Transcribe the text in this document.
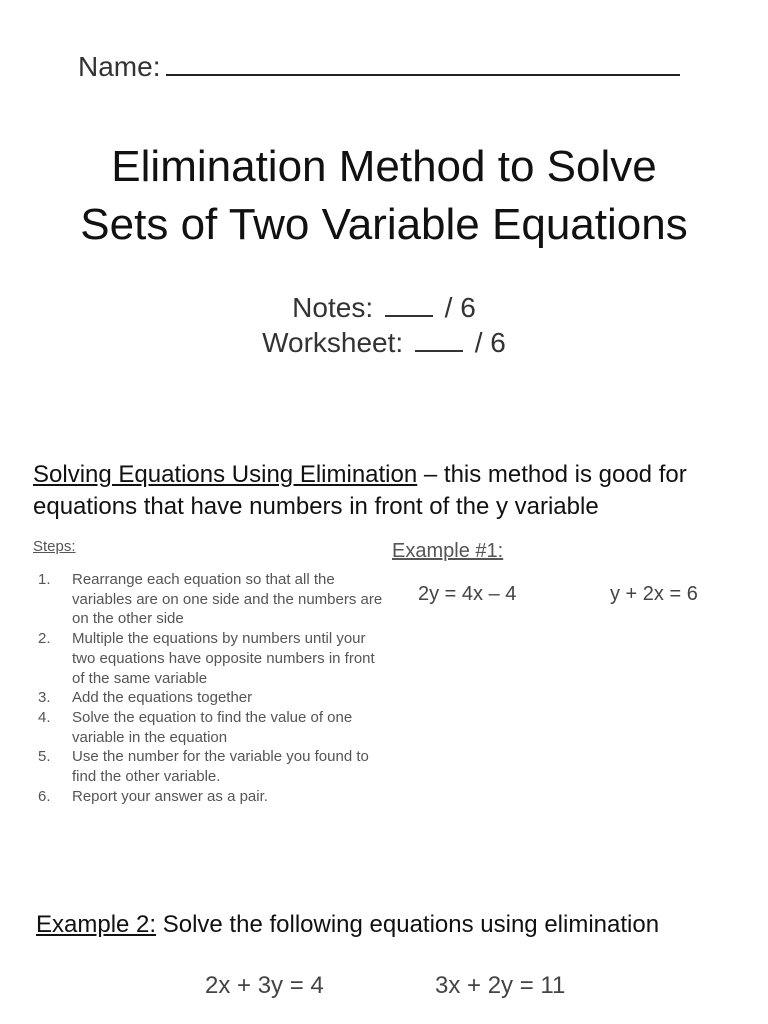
Name:
Elimination Method to Solve
Sets of Two Variable Equations
Notes:	/ 6
Worksheet:	/ 6
Solving Equations Using Elimination – this method is good for equations that have numbers in front of the y variable
Steps:
1. Rearrange each equation so that all the variables are on one side and the numbers are on the other side
2. Multiple the equations by numbers until your two equations have opposite numbers in front of the same variable
3. Add the equations together
4. Solve the equation to find the value of one variable in the equation
5. Use the number for the variable you found to find the other variable.
6. Report your answer as a pair.
Example #1:
2y = 4x – 4	y + 2x = 6
Example 2: Solve the following equations using elimination
2x + 3y = 4	3x + 2y = 11
